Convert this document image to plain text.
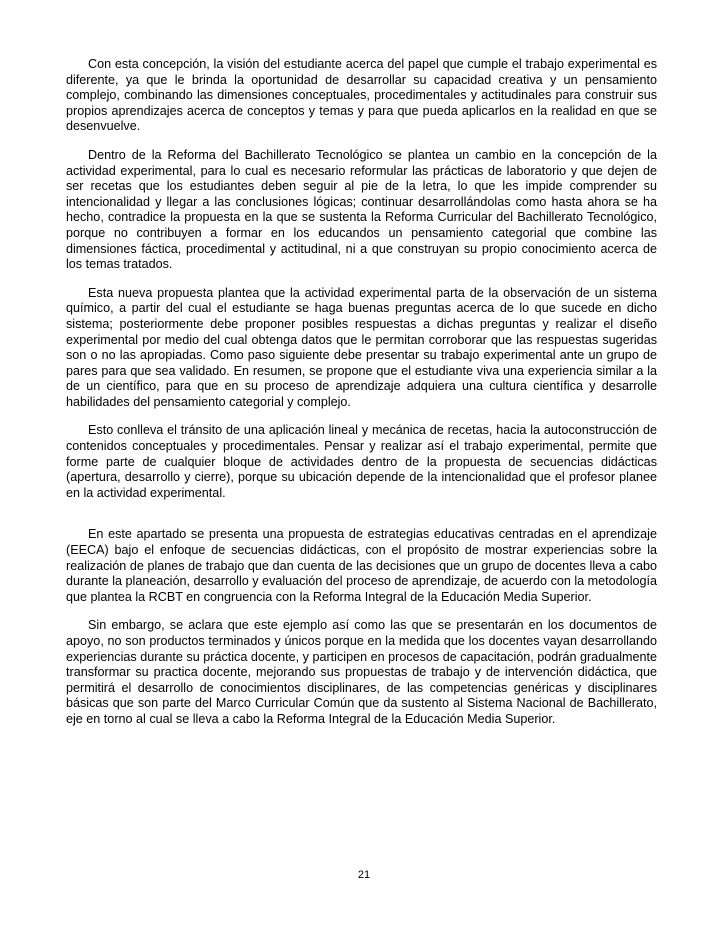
Con esta concepción, la visión del estudiante acerca del papel que cumple el trabajo experimental es diferente, ya que le brinda la oportunidad de desarrollar su capacidad creativa y un pensamiento complejo, combinando las dimensiones conceptuales, procedimentales y actitudinales para construir sus propios aprendizajes acerca de conceptos y temas y para que pueda aplicarlos en la realidad en que se desenvuelve.

Dentro de la Reforma del Bachillerato Tecnológico se plantea un cambio en la concepción de la actividad experimental, para lo cual es necesario reformular las prácticas de laboratorio y que dejen de ser recetas que los estudiantes deben seguir al pie de la letra, lo que les impide comprender su intencionalidad y llegar a las conclusiones lógicas; continuar desarrollándolas como hasta ahora se ha hecho, contradice la propuesta en la que se sustenta la Reforma Curricular del Bachillerato Tecnológico, porque no contribuyen a formar en los educandos un pensamiento categorial que combine las dimensiones fáctica, procedimental y actitudinal, ni a que construyan su propio conocimiento acerca de los temas tratados.

Esta nueva propuesta plantea que la actividad experimental parta de la observación de un sistema químico, a partir del cual el estudiante se haga buenas preguntas acerca de lo que sucede en dicho sistema; posteriormente debe proponer posibles respuestas a dichas preguntas y realizar el diseño experimental por medio del cual obtenga datos que le permitan corroborar que las respuestas sugeridas son o no las apropiadas. Como paso siguiente debe presentar su trabajo experimental ante un grupo de pares para que sea validado. En resumen, se propone que el estudiante viva una experiencia similar a la de un científico, para que en su proceso de aprendizaje adquiera una cultura científica y desarrolle habilidades del pensamiento categorial y complejo.

Esto conlleva el tránsito de una aplicación lineal y mecánica de recetas, hacia la autoconstrucción de contenidos conceptuales y procedimentales. Pensar y realizar así el trabajo experimental, permite que forme parte de cualquier bloque de actividades dentro de la propuesta de secuencias didácticas (apertura, desarrollo y cierre), porque su ubicación depende de la intencionalidad que el profesor planee en la actividad experimental.

En este apartado se presenta una propuesta de estrategias educativas centradas en el aprendizaje (EECA) bajo el enfoque de secuencias didácticas, con el propósito de mostrar experiencias sobre la realización de planes de trabajo que dan cuenta de las decisiones que un grupo de docentes lleva a cabo durante la planeación, desarrollo y evaluación del proceso de aprendizaje, de acuerdo con la metodología que plantea la RCBT en congruencia con la Reforma Integral de la Educación Media Superior.

Sin embargo, se aclara que este ejemplo así como las que se presentarán en los documentos de apoyo, no son productos terminados y únicos porque en la medida que los docentes vayan desarrollando experiencias durante su práctica docente, y participen en procesos de capacitación, podrán gradualmente transformar su practica docente, mejorando sus propuestas de trabajo y de intervención didáctica, que permitirá el desarrollo de conocimientos disciplinares, de las competencias genéricas y disciplinares básicas que son parte del Marco Curricular Común que da sustento al Sistema Nacional de Bachillerato, eje en torno al cual se lleva a cabo la Reforma Integral de la Educación Media Superior.

21
